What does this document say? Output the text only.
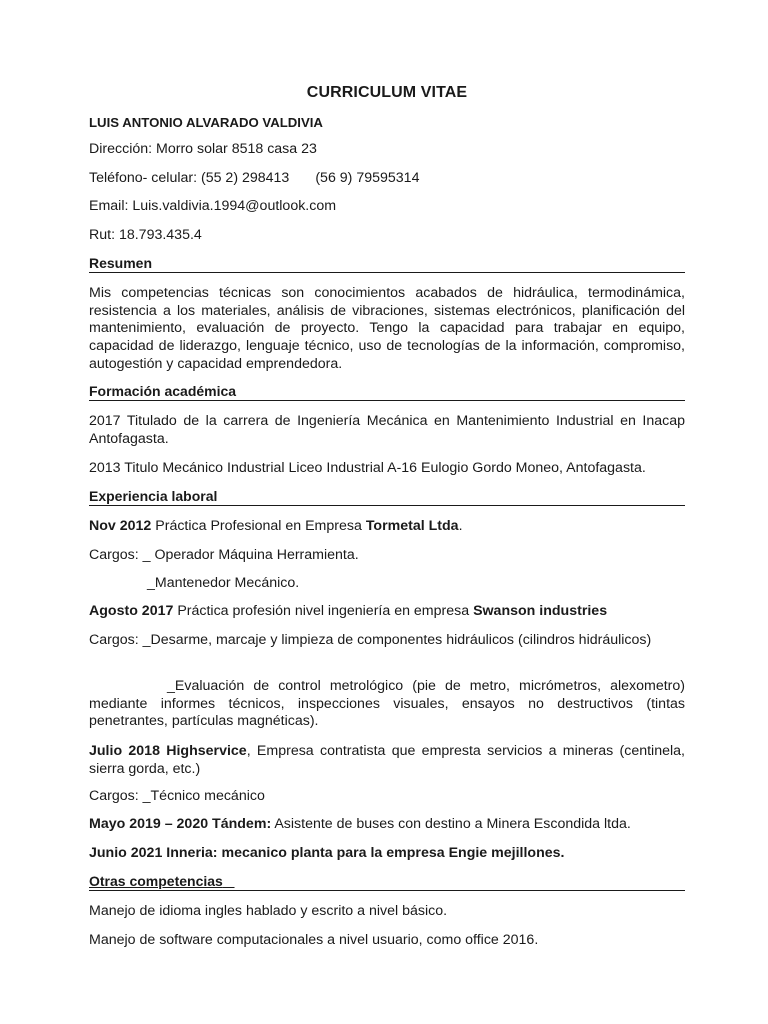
CURRICULUM VITAE
LUIS ANTONIO ALVARADO VALDIVIA
Dirección: Morro solar 8518 casa 23
Teléfono- celular: (55 2) 298413 (56 9) 79595314
Email: Luis.valdivia.1994@outlook.com
Rut: 18.793.435.4
Resumen
Mis competencias técnicas son conocimientos acabados de hidráulica, termodinámica, resistencia a los materiales, análisis de vibraciones, sistemas electrónicos, planificación del mantenimiento, evaluación de proyecto. Tengo la capacidad para trabajar en equipo, capacidad de liderazgo, lenguaje técnico, uso de tecnologías de la información, compromiso, autogestión y capacidad emprendedora.
Formación académica
2017 Titulado de la carrera de Ingeniería Mecánica en Mantenimiento Industrial en Inacap Antofagasta.
2013 Titulo Mecánico Industrial Liceo Industrial A-16 Eulogio Gordo Moneo, Antofagasta.
Experiencia laboral
Nov 2012 Práctica Profesional en Empresa Tormetal Ltda.
Cargos: _ Operador Máquina Herramienta.
_Mantenedor Mecánico.
Agosto 2017 Práctica profesión nivel ingeniería en empresa Swanson industries
Cargos: _Desarme, marcaje y limpieza de componentes hidráulicos (cilindros hidráulicos)
_Evaluación de control metrológico (pie de metro, micrómetros, alexometro) mediante informes técnicos, inspecciones visuales, ensayos no destructivos (tintas penetrantes, partículas magnéticas).
Julio 2018 Highservice, Empresa contratista que empresta servicios a mineras (centinela, sierra gorda, etc.)
Cargos: _Técnico mecánico
Mayo 2019 – 2020 Tándem: Asistente de buses con destino a Minera Escondida ltda.
Junio 2021 Inneria: mecanico planta para la empresa Engie mejillones.
Otras competencias
Manejo de idioma ingles hablado y escrito a nivel básico.
Manejo de software computacionales a nivel usuario, como office 2016.
